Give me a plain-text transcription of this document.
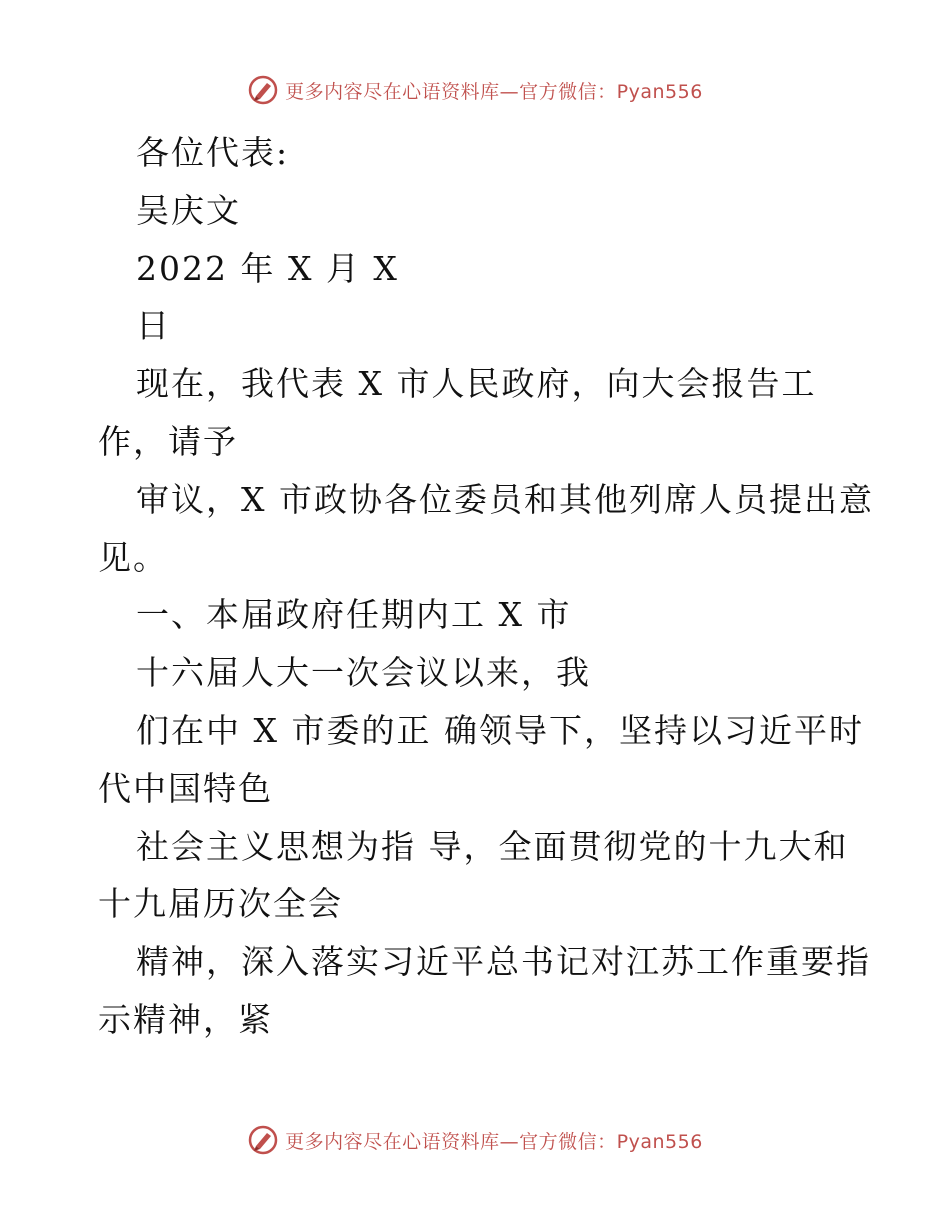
更多内容尽在心语资料库—官方微信：Pyan556
各位代表:
吴庆文
2022 年 X 月 X
日
现在，我代表 X 市人民政府，向大会报告工
作，请予
审议，X 市政协各位委员和其他列席人员提出意
见。
一、本届政府任期内工 X 市
十六届人大一次会议以来，我
们在中 X 市委的正 确领导下，坚持以习近平时
代中国特色
社会主义思想为指 导，全面贯彻党的十九大和
十九届历次全会
精神，深入落实习近平总书记对江苏工作重要指
示精神，紧
更多内容尽在心语资料库—官方微信：Pyan556
